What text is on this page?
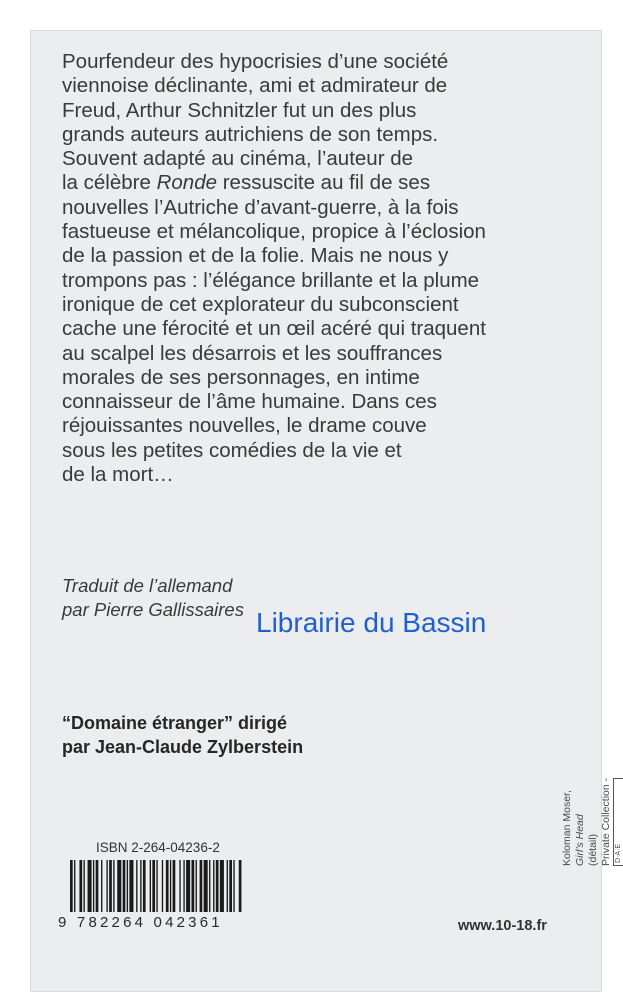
Pourfendeur des hypocrisies d’une société
viennoise déclinante, ami et admirateur de
Freud, Arthur Schnitzler fut un des plus
grands auteurs autrichiens de son temps.
Souvent adapté au cinéma, l’auteur de
la célèbre Ronde ressuscite au fil de ses
nouvelles l’Autriche d’avant-guerre, à la fois
fastueuse et mélancolique, propice à l’éclosion
de la passion et de la folie. Mais ne nous y
trompons pas : l’élégance brillante et la plume
ironique de cet explorateur du subconscient
cache une férocité et un œil acéré qui traquent
au scalpel les désarrois et les souffrances
morales de ses personnages, en intime
connaisseur de l’âme humaine. Dans ces
réjouissantes nouvelles, le drame couve
sous les petites comédies de la vie et
de la mort…
Traduit de l’allemand
par Pierre Gallissaires Librairie du Bassin
“Domaine étranger” dirigé
par Jean-Claude Zylberstein
Koloman Moser, Girl’s Head (détail) Private Collection - D·A·E
ISBN 2-264-04236-2
9 782264 042361	www.10-18.fr
